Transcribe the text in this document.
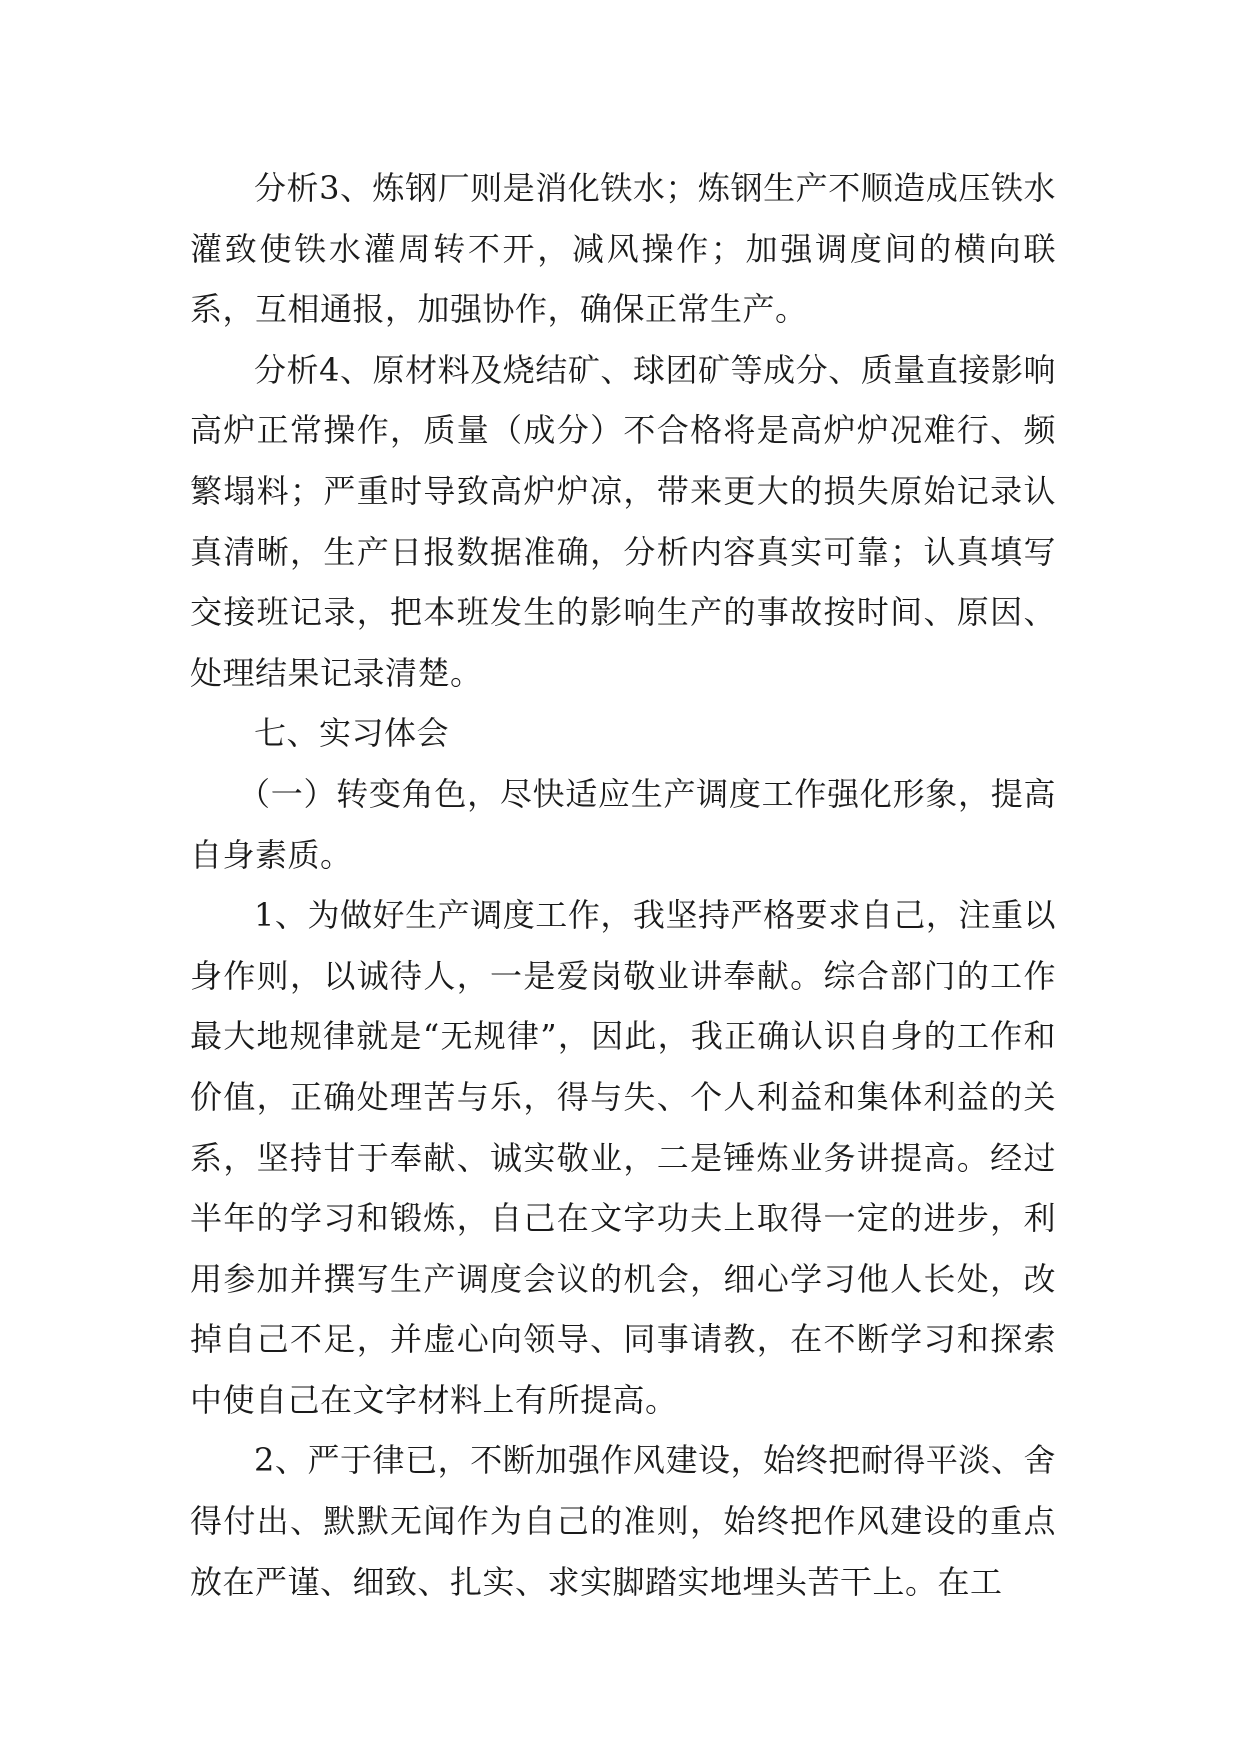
分析3、炼钢厂则是消化铁水；炼钢生产不顺造成压铁水灌致使铁水灌周转不开，减风操作；加强调度间的横向联系，互相通报，加强协作，确保正常生产。

分析4、原材料及烧结矿、球团矿等成分、质量直接影响高炉正常操作，质量（成分）不合格将是高炉炉况难行、频繁塌料；严重时导致高炉炉凉，带来更大的损失原始记录认真清晰，生产日报数据准确，分析内容真实可靠；认真填写交接班记录，把本班发生的影响生产的事故按时间、原因、处理结果记录清楚。

七、实习体会

（一）转变角色，尽快适应生产调度工作强化形象，提高自身素质。

1、为做好生产调度工作，我坚持严格要求自己，注重以身作则，以诚待人，一是爱岗敬业讲奉献。综合部门的工作最大地规律就是“无规律”，因此，我正确认识自身的工作和价值，正确处理苦与乐，得与失、个人利益和集体利益的关系，坚持甘于奉献、诚实敬业，二是锤炼业务讲提高。经过半年的学习和锻炼，自己在文字功夫上取得一定的进步，利用参加并撰写生产调度会议的机会，细心学习他人长处，改掉自己不足，并虚心向领导、同事请教，在不断学习和探索中使自己在文字材料上有所提高。

2、严于律已，不断加强作风建设，始终把耐得平淡、舍得付出、默默无闻作为自己的准则，始终把作风建设的重点放在严谨、细致、扎实、求实脚踏实地埋头苦干上。在工
